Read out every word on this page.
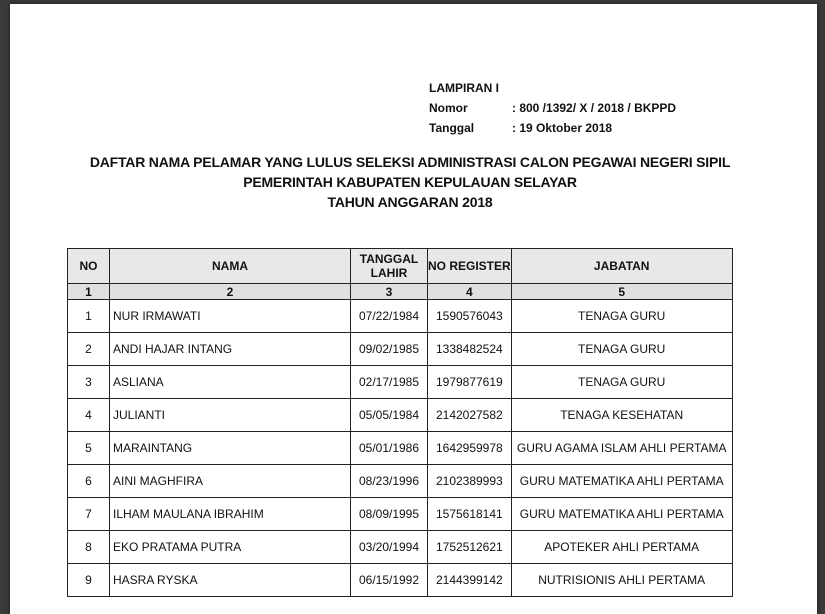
LAMPIRAN I
Nomor	: 800 /1392/ X / 2018 / BKPPD
Tanggal	: 19 Oktober 2018
DAFTAR NAMA PELAMAR YANG LULUS SELEKSI ADMINISTRASI CALON PEGAWAI NEGERI SIPIL
PEMERINTAH KABUPATEN KEPULAUAN SELAYAR
TAHUN ANGGARAN 2018
NO	NAMA	TANGGAL LAHIR	NO REGISTER	JABATAN
1	2	3	4	5
1	NUR IRMAWATI	07/22/1984	1590576043	TENAGA GURU
2	ANDI HAJAR INTANG	09/02/1985	1338482524	TENAGA GURU
3	ASLIANA	02/17/1985	1979877619	TENAGA GURU
4	JULIANTI	05/05/1984	2142027582	TENAGA KESEHATAN
5	MARAINTANG	05/01/1986	1642959978	GURU AGAMA ISLAM AHLI PERTAMA
6	AINI MAGHFIRA	08/23/1996	2102389993	GURU MATEMATIKA AHLI PERTAMA
7	ILHAM MAULANA IBRAHIM	08/09/1995	1575618141	GURU MATEMATIKA AHLI PERTAMA
8	EKO PRATAMA PUTRA	03/20/1994	1752512621	APOTEKER AHLI PERTAMA
9	HASRA RYSKA	06/15/1992	2144399142	NUTRISIONIS AHLI PERTAMA
